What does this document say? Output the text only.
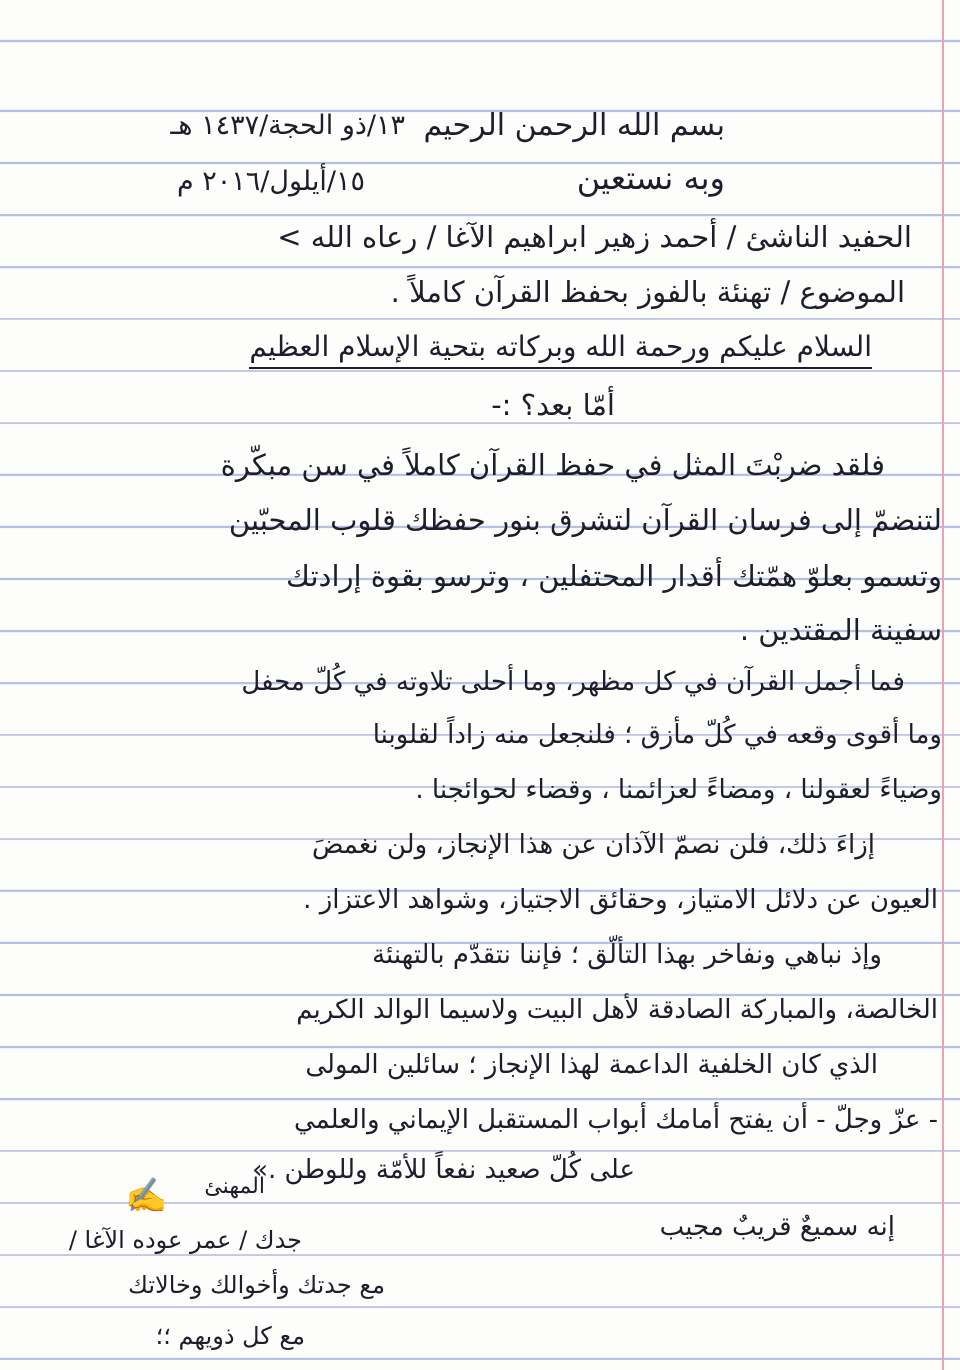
بسم الله الرحمن الرحيم

١٣/ذو الحجة/١٤٣٧ هـ

وبه نستعين

١٥/أيلول/٢٠١٦ م

الحفيد الناشئ / أحمد زهير ابراهيم الآغا / رعاه الله >

الموضوع / تهنئة بالفوز بحفظ القرآن كاملاً .

السلام عليكم ورحمة الله وبركاته بتحية الإسلام العظيم

أمّا بعد؟ :-

فلقد ضربْتَ المثل في حفظ القرآن كاملاً في سن مبكّرة

لتنضمّ إلى فرسان القرآن لتشرق بنور حفظك قلوب المحبّين

وتسمو بعلوّ همّتك أقدار المحتفلين ، وترسو بقوة إرادتك

سفينة المقتدين .

فما أجمل القرآن في كل مظهر، وما أحلى تلاوته في كُلّ محفل

وما أقوى وقعه في كُلّ مأزق ؛ فلنجعل منه زاداً لقلوبنا

وضياءً لعقولنا ، ومضاءً لعزائمنا ، وقضاء لحوائجنا .

إزاءَ ذلك، فلن نصمّ الآذان عن هذا الإنجاز، ولن نغمضَ

العيون عن دلائل الامتياز، وحقائق الاجتياز، وشواهد الاعتزاز .

وإذ نباهي ونفاخر بهذا التألّق ؛ فإننا نتقدّم بالتهنئة

الخالصة، والمباركة الصادقة لأهل البيت ولاسيما الوالد الكريم

الذي كان الخلفية الداعمة لهذا الإنجاز ؛ سائلين المولى

- عزّ وجلّ - أن يفتح أمامك أبواب المستقبل الإيماني والعلمي

على كُلّ صعيد نفعاً للأمّة وللوطن .»

إنه سميعٌ قريبٌ مجيب

✍ المهنئ

جدك / عمر عوده الآغا /

مع جدتك وأخوالك وخالاتك

مع كل ذويهم ؛؛
